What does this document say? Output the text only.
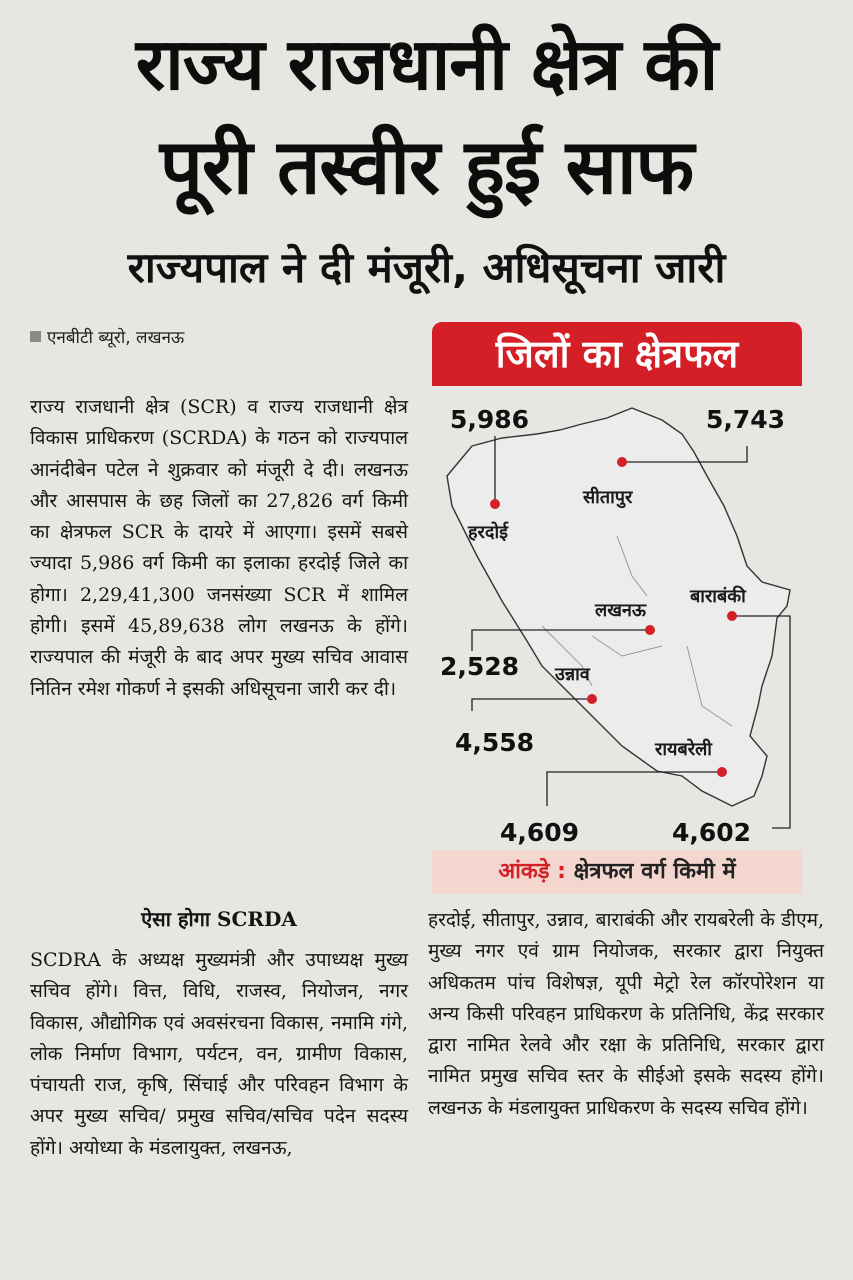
राज्य राजधानी क्षेत्र की
पूरी तस्वीर हुई साफ
राज्यपाल ने दी मंजूरी, अधिसूचना जारी
एनबीटी ब्यूरो, लखनऊ

राज्य राजधानी क्षेत्र (SCR) व राज्य राजधानी क्षेत्र विकास प्राधिकरण (SCRDA) के गठन को राज्यपाल आनंदीबेन पटेल ने शुक्रवार को मंजूरी दे दी। लखनऊ और आसपास के छह जिलों का 27,826 वर्ग किमी का क्षेत्रफल SCR के दायरे में आएगा। इसमें सबसे ज्यादा 5,986 वर्ग किमी का इलाका हरदोई जिले का होगा। 2,29,41,300 जनसंख्या SCR में शामिल होगी। इसमें 45,89,638 लोग लखनऊ के होंगे। राज्यपाल की मंजूरी के बाद अपर मुख्य सचिव आवास नितिन रमेश गोकर्ण ने इसकी अधिसूचना जारी कर दी।

ऐसा होगा SCRDA

SCDRA के अध्यक्ष मुख्यमंत्री और उपाध्यक्ष मुख्य सचिव होंगे। वित्त, विधि, राजस्व, नियोजन, नगर विकास, औद्योगिक एवं अवसंरचना विकास, नमामि गंगे, लोक निर्माण विभाग, पर्यटन, वन, ग्रामीण विकास, पंचायती राज, कृषि, सिंचाई और परिवहन विभाग के अपर मुख्य सचिव/ प्रमुख सचिव/सचिव पदेन सदस्य होंगे। अयोध्या के मंडलायुक्त, लखनऊ,

हरदोई, सीतापुर, उन्नाव, बाराबंकी और रायबरेली के डीएम, मुख्य नगर एवं ग्राम नियोजक, सरकार द्वारा नियुक्त अधिकतम पांच विशेषज्ञ, यूपी मेट्रो रेल कॉरपोरेशन या अन्य किसी परिवहन प्राधिकरण के प्रतिनिधि, केंद्र सरकार द्वारा नामित रेलवे और रक्षा के प्रतिनिधि, सरकार द्वारा नामित प्रमुख सचिव स्तर के सीईओ इसके सदस्य होंगे। लखनऊ के मंडलायुक्त प्राधिकरण के सदस्य सचिव होंगे।

जिलों का क्षेत्रफल
5,986	5,743
2,528
4,558
4,609	4,602
हरदोई
सीतापुर
लखनऊ
उन्नाव
रायबरेली
बाराबंकी
आंकड़े : क्षेत्रफल वर्ग किमी में
